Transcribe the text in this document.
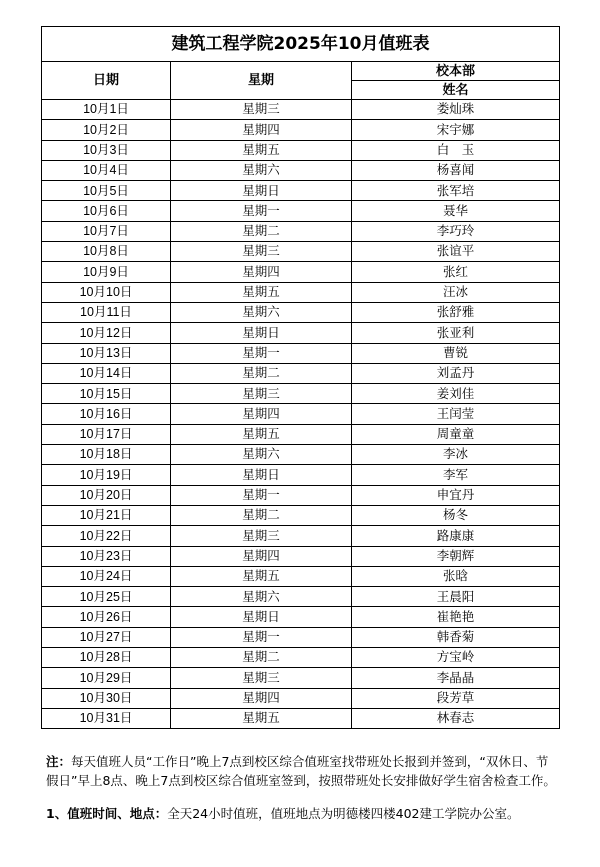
建筑工程学院2025年10月值班表		
日期	星期	校本部
		姓名
10月1日	星期三	娄灿珠
10月2日	星期四	宋宇娜
10月3日	星期五	白　玉
10月4日	星期六	杨喜闻
10月5日	星期日	张军培
10月6日	星期一	聂华
10月7日	星期二	李巧玲
10月8日	星期三	张谊平
10月9日	星期四	张红
10月10日	星期五	汪冰
10月11日	星期六	张舒雅
10月12日	星期日	张亚利
10月13日	星期一	曹锐
10月14日	星期二	刘孟丹
10月15日	星期三	姜刘佳
10月16日	星期四	王闰莹
10月17日	星期五	周童童
10月18日	星期六	李冰
10月19日	星期日	李军
10月20日	星期一	申宜丹
10月21日	星期二	杨冬
10月22日	星期三	路康康
10月23日	星期四	李朝辉
10月24日	星期五	张晗
10月25日	星期六	王晨阳
10月26日	星期日	崔艳艳
10月27日	星期一	韩香菊
10月28日	星期二	方宝岭
10月29日	星期三	李晶晶
10月30日	星期四	段芳草
10月31日	星期五	林春志

注：每天值班人员“工作日”晚上7点到校区综合值班室找带班处长报到并签到，“双休日、节假日”早上8点、晚上7点到校区综合值班室签到，按照带班处长安排做好学生宿舍检查工作。

1、值班时间、地点：全天24小时值班，值班地点为明德楼四楼402建工学院办公室。
